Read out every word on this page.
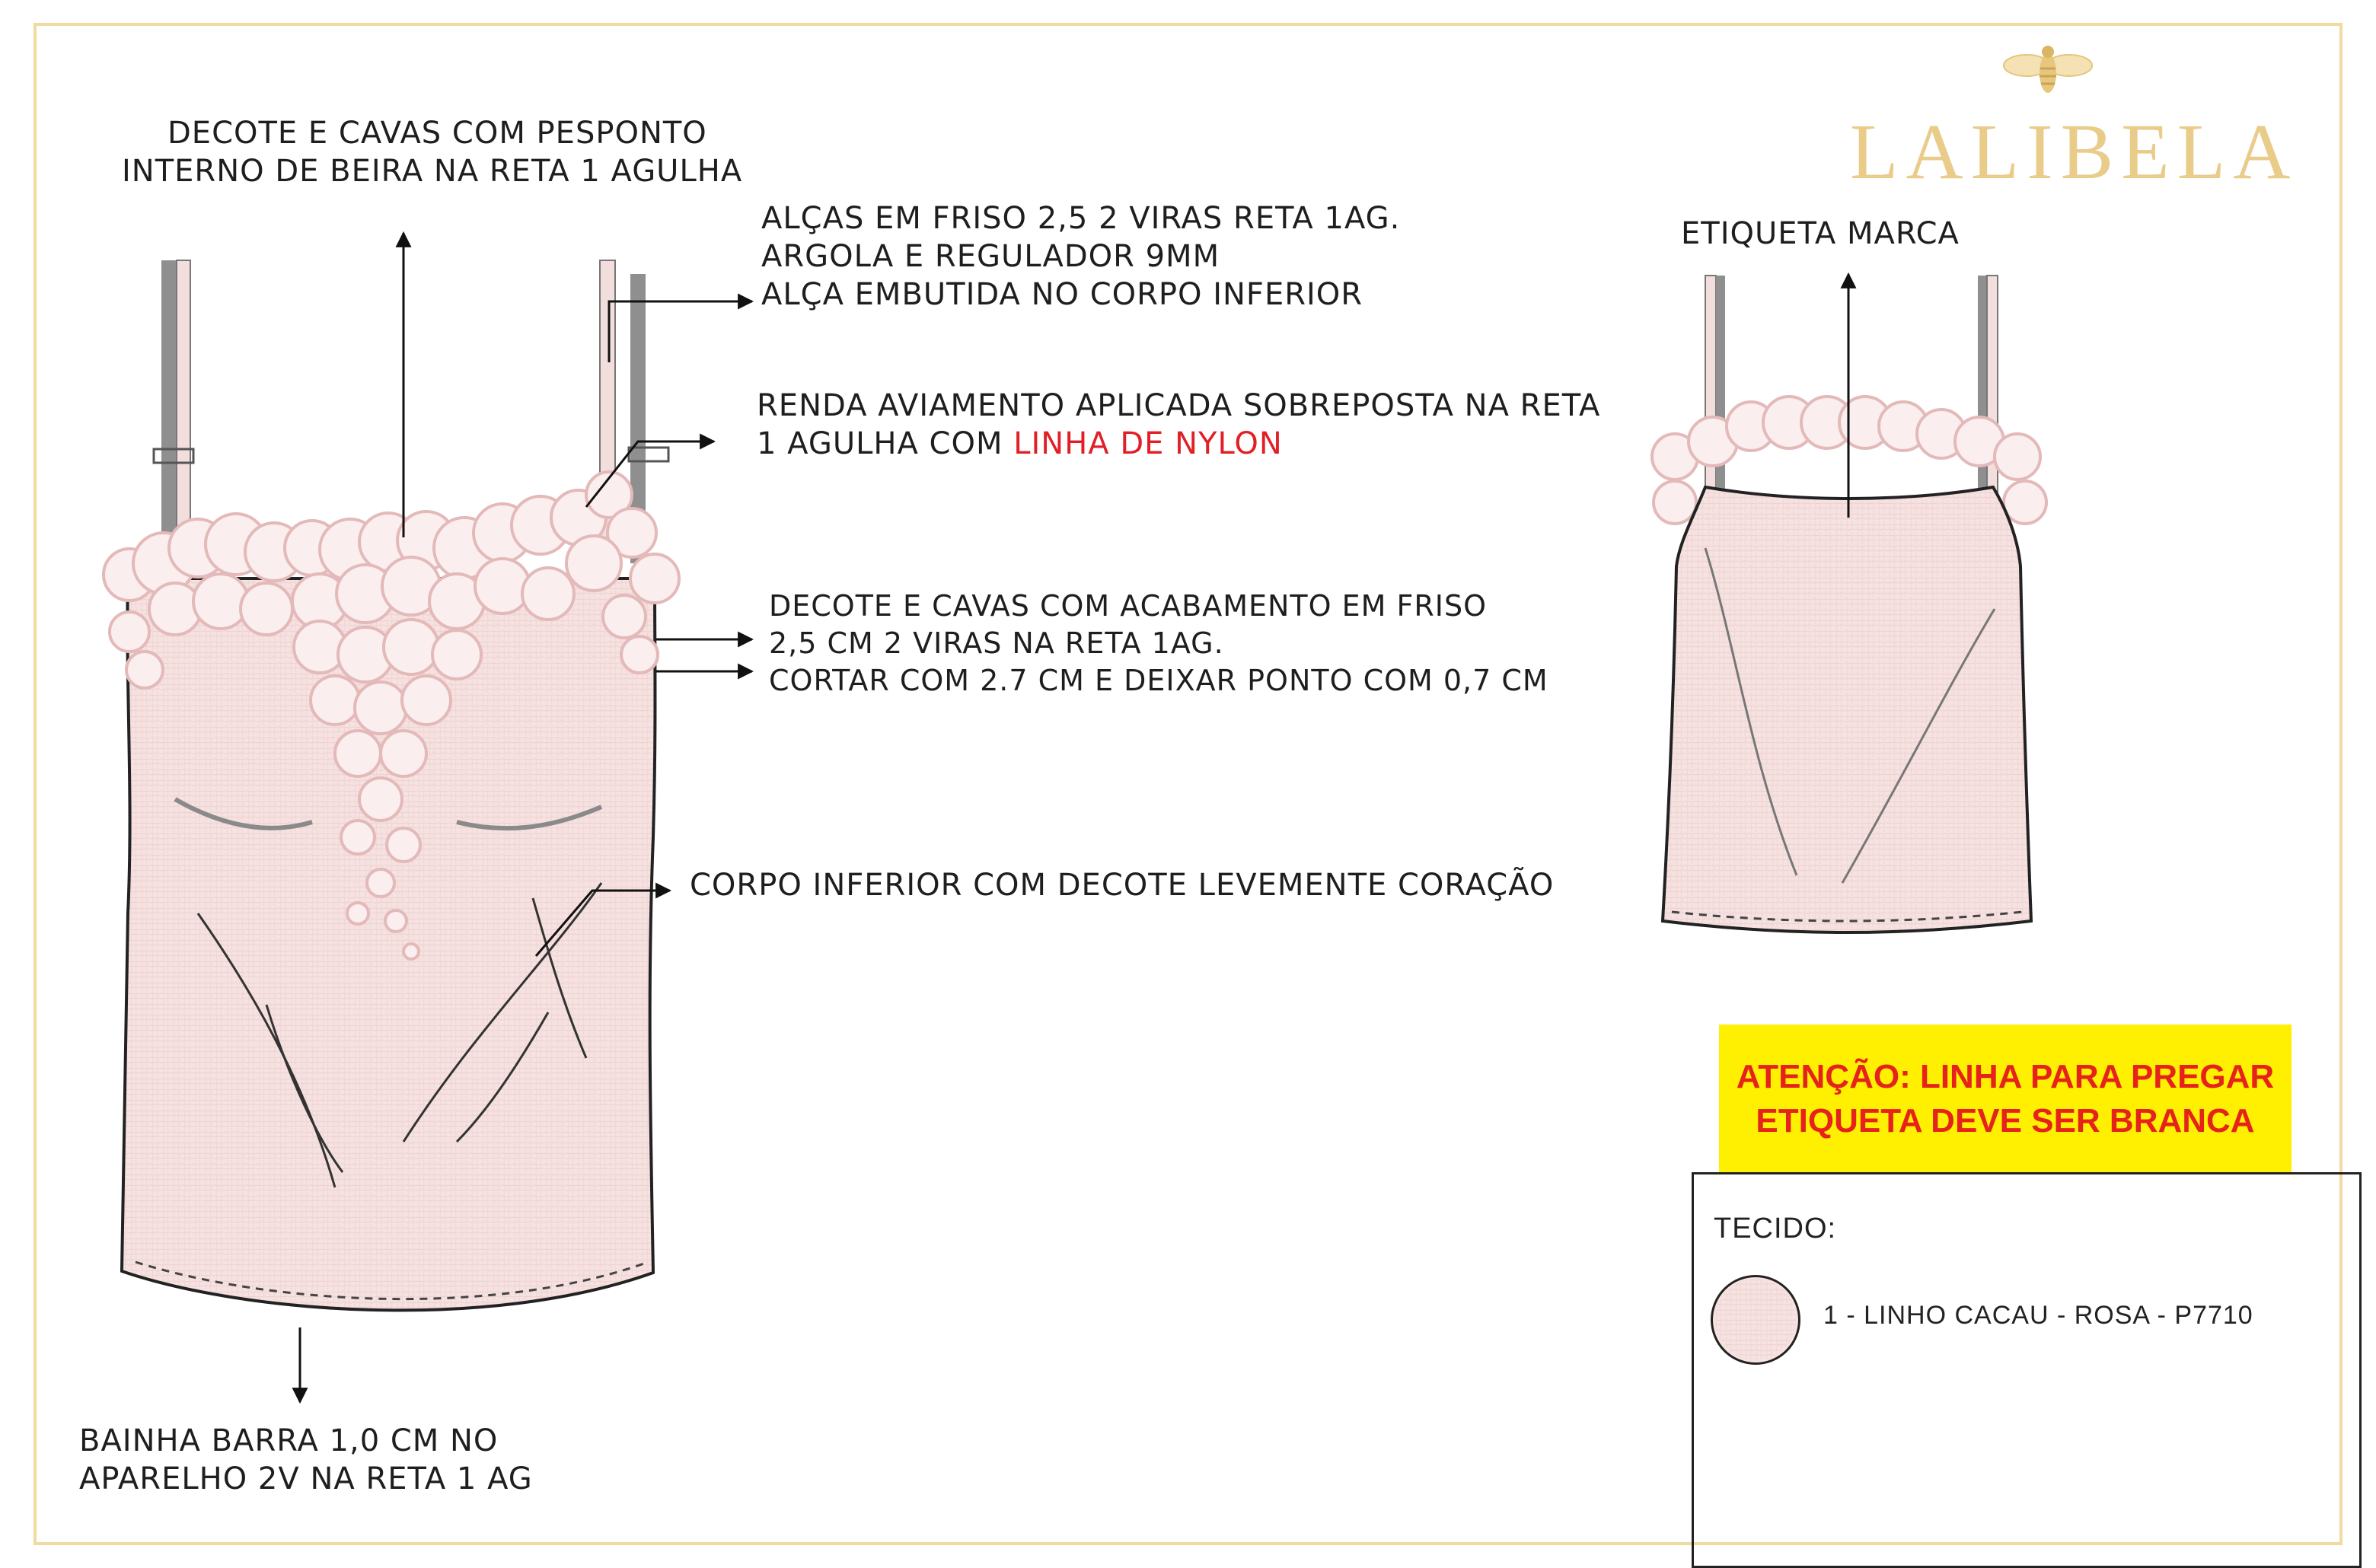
LALIBELA
DECOTE E CAVAS COM PESPONTO
INTERNO DE BEIRA NA RETA 1 AGULHA
ALÇAS EM FRISO 2,5 2 VIRAS RETA 1AG.
ARGOLA E REGULADOR 9MM
ALÇA EMBUTIDA NO CORPO INFERIOR
RENDA AVIAMENTO APLICADA SOBREPOSTA NA RETA
1 AGULHA COM LINHA DE NYLON
DECOTE E CAVAS COM ACABAMENTO EM FRISO
2,5 CM 2 VIRAS NA RETA 1AG.
CORTAR COM 2.7 CM E DEIXAR PONTO COM 0,7 CM
CORPO INFERIOR COM DECOTE LEVEMENTE CORAÇÃO
BAINHA BARRA 1,0 CM NO
APARELHO 2V NA RETA 1 AG
ETIQUETA MARCA
ATENÇÃO: LINHA PARA PREGAR
ETIQUETA DEVE SER BRANCA
TECIDO:
1 - LINHO CACAU - ROSA - P7710
